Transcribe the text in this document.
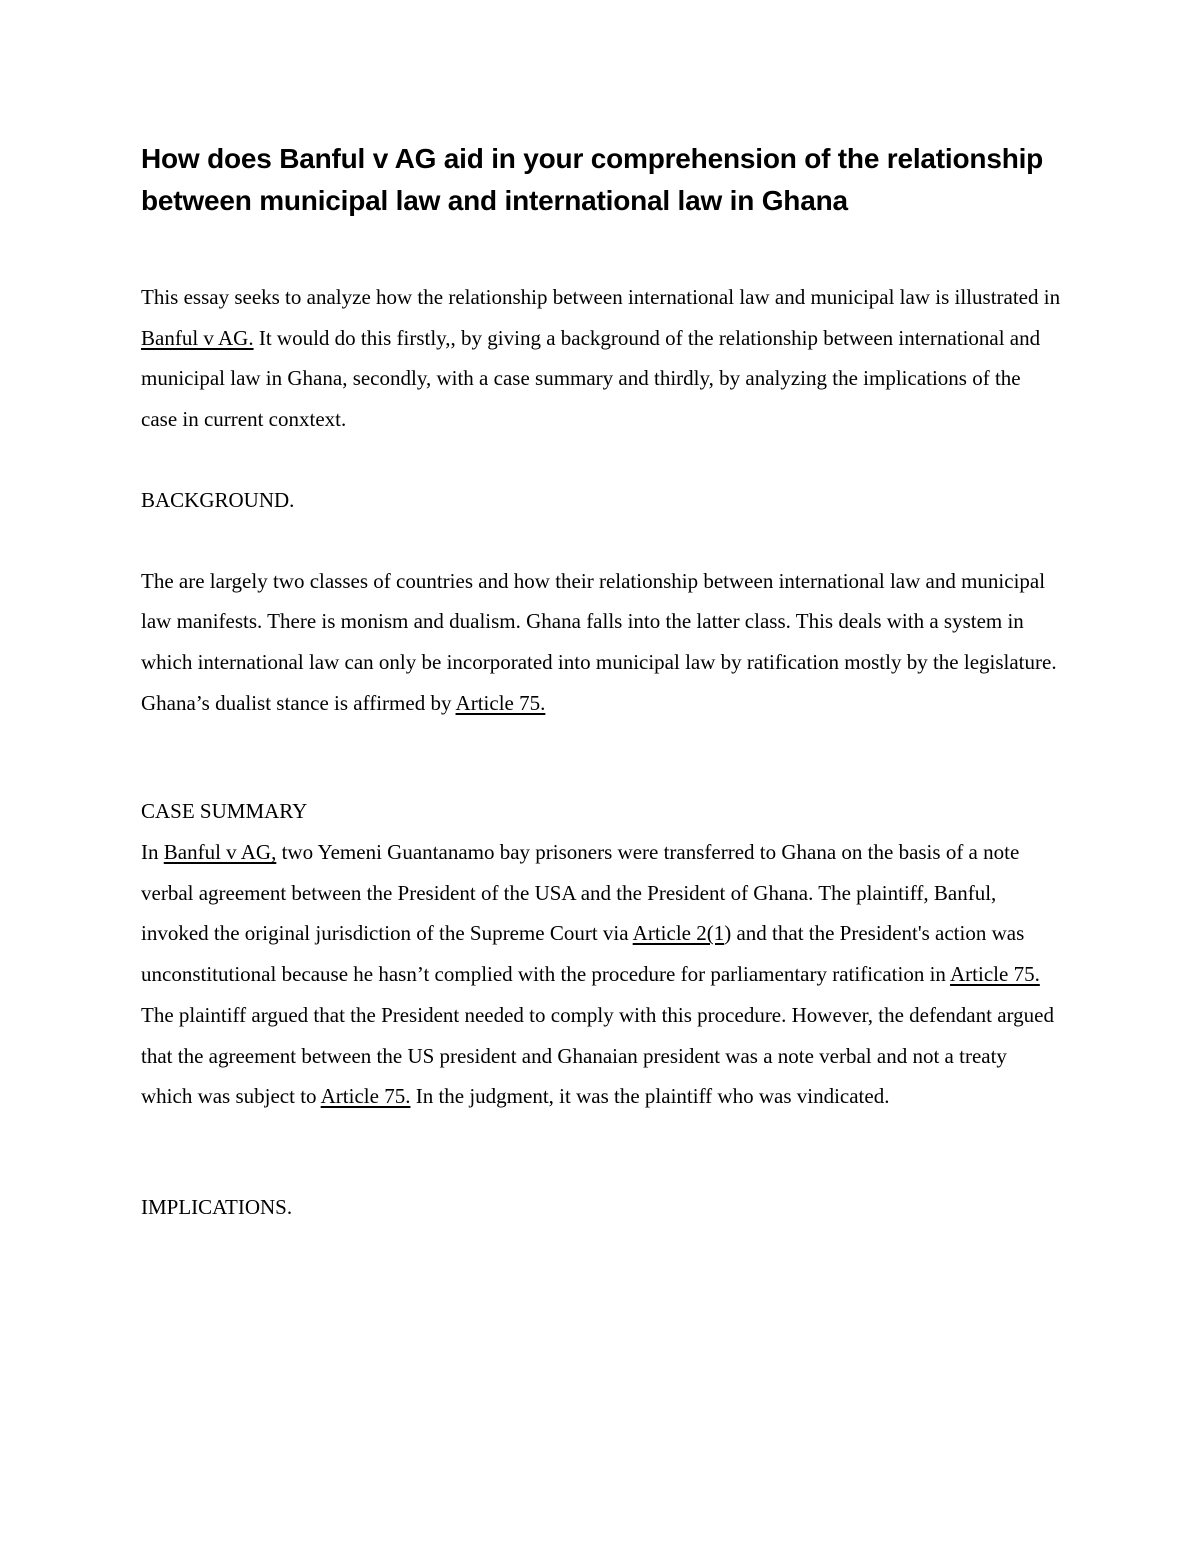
How does Banful v AG aid in your comprehension of the relationship between municipal law and international law in Ghana

This essay seeks to analyze how the relationship between international law and municipal law is illustrated in Banful v AG. It would do this firstly,, by giving a background of the relationship between international and municipal law in Ghana, secondly, with a case summary and thirdly, by analyzing the implications of the case in current conxtext.

BACKGROUND.

The are largely two classes of countries and how their relationship between international law and municipal law manifests. There is monism and dualism. Ghana falls into the latter class. This deals with a system in which international law can only be incorporated into municipal law by ratification mostly by the legislature. Ghana’s dualist stance is affirmed by Article 75.

CASE SUMMARY

In Banful v AG, two Yemeni Guantanamo bay prisoners were transferred to Ghana on the basis of a note verbal agreement between the President of the USA and the President of Ghana. The plaintiff, Banful, invoked the original jurisdiction of the Supreme Court via Article 2(1) and that the President's action was unconstitutional because he hasn’t complied with the procedure for parliamentary ratification in Article 75. The plaintiff argued that the President needed to comply with this procedure. However, the defendant argued that the agreement between the US president and Ghanaian president was a note verbal and not a treaty which was subject to Article 75. In the judgment, it was the plaintiff who was vindicated.

IMPLICATIONS.
